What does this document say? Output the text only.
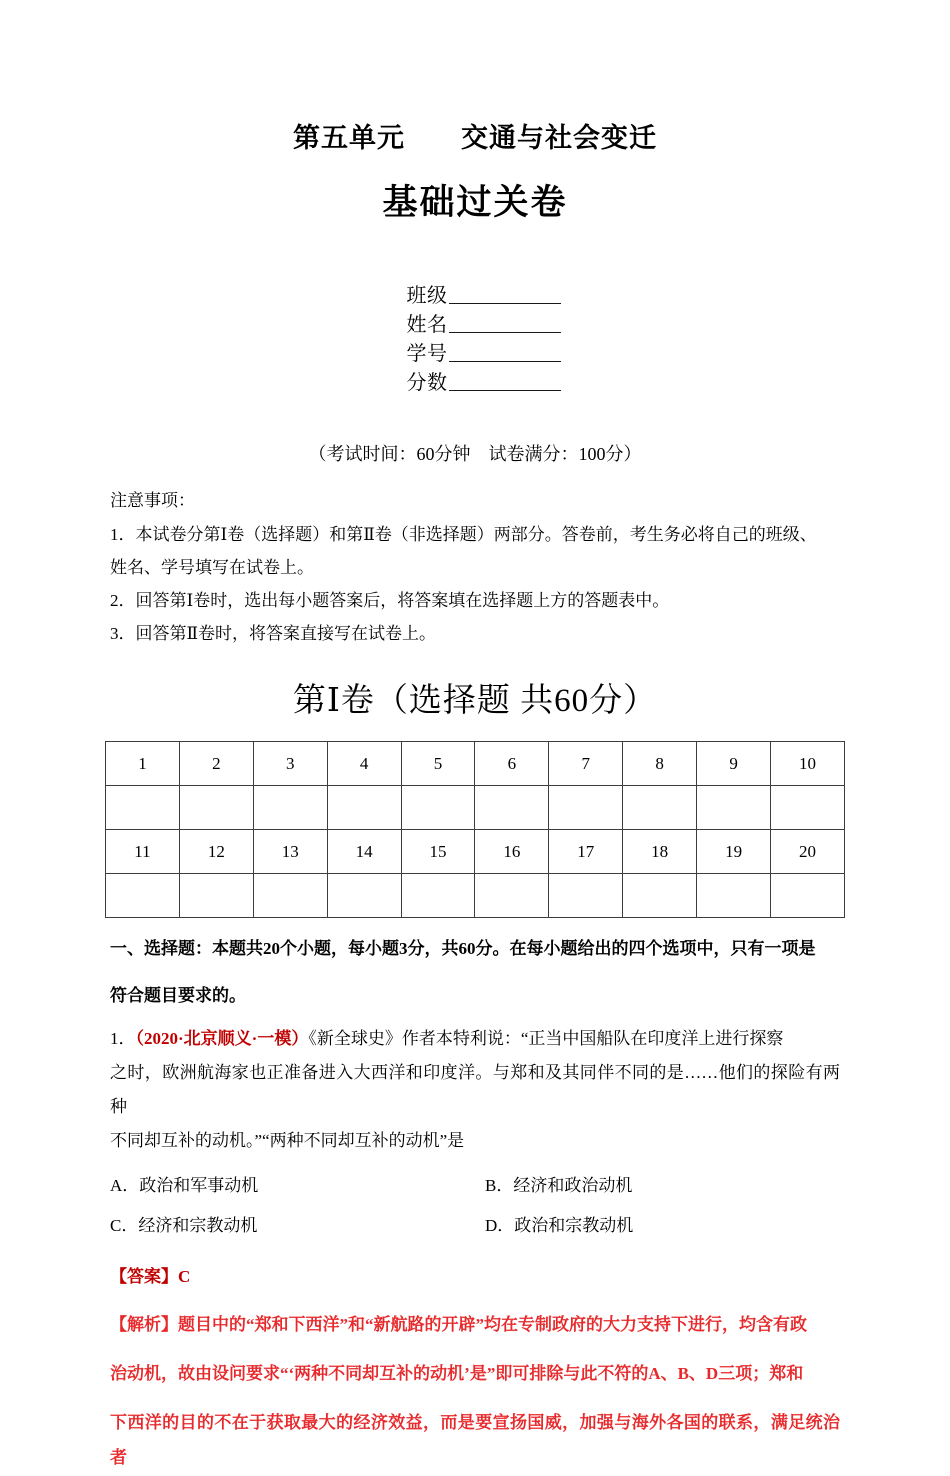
第五单元　　交通与社会变迁
基础过关卷

班级
姓名
学号
分数

（考试时间：60分钟　试卷满分：100分）

注意事项：

1．本试卷分第Ⅰ卷（选择题）和第Ⅱ卷（非选择题）两部分。答卷前，考生务必将自己的班级、

姓名、学号填写在试卷上。

2．回答第Ⅰ卷时，选出每小题答案后，将答案填在选择题上方的答题表中。

3．回答第Ⅱ卷时，将答案直接写在试卷上。

第Ⅰ卷（选择题 共60分）
1	2	3	4	5	6	7	8	9	10

11	12	13	14	15	16	17	18	19	20

一、选择题：本题共20个小题，每小题3分，共60分。在每小题给出的四个选项中，只有一项是

符合题目要求的。

1．（2020·北京顺义·一模）《新全球史》作者本特利说：“正当中国船队在印度洋上进行探察

之时，欧洲航海家也正准备进入大西洋和印度洋。与郑和及其同伴不同的是……他们的探险有两种

不同却互补的动机。”“两种不同却互补的动机”是

A．政治和军事动机	B．经济和政治动机
C．经济和宗教动机	D．政治和宗教动机

【答案】C

【解析】题目中的“郑和下西洋”和“新航路的开辟”均在专制政府的大力支持下进行，均含有政

治动机，故由设问要求“‘两种不同却互补的动机’是”即可排除与此不符的A、B、D三项；郑和

下西洋的目的不在于获取最大的经济效益，而是要宣扬国威，加强与海外各国的联系，满足统治者
